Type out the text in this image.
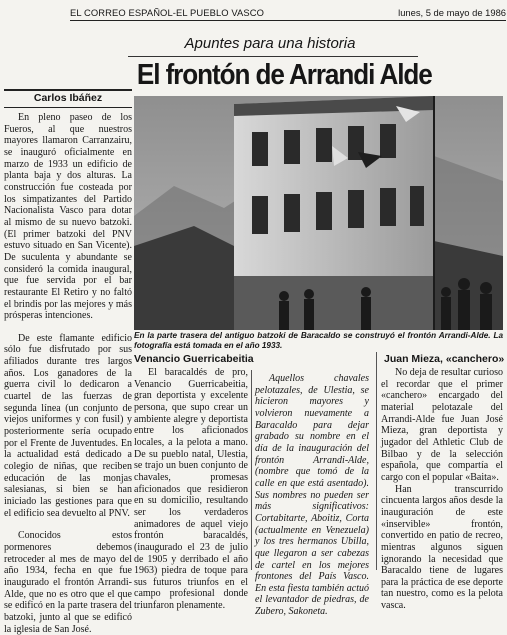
EL CORREO ESPAÑOL-EL PUEBLO VASCO	lunes, 5 de mayo de 1986
Apuntes para una historia
El frontón de Arrandi Alde
Carlos Ibáñez

En pleno paseo de los Fueros, al que nuestros mayores llamaron Carranzairu, se inauguró oficialmente en marzo de 1933 un edificio de planta baja y dos alturas. La construcción fue costeada por los simpatizantes del Partido Nacionalista Vasco para dotar al mismo de su nuevo batzoki. (El primer batzoki del PNV estuvo situado en San Vicente). De suculenta y abundante se consideró la comida inaugural, que fue servida por el bar restaurante El Retiro y no faltó el brindis por las mejores y más prósperas intenciones.

De este flamante edificio sólo fue disfrutado por sus afiliados durante tres largos años. Los ganadores de la guerra civil lo dedicaron a cuartel de las fuerzas de segunda línea (un conjunto de viejos uniformes y con fusil) y posteriormente sería ocupado por el Frente de Juventudes. En la actualidad está dedicado a colegio de niñas, que reciben educación de las monjas salesianas, si bien se han iniciado las gestiones para que el edificio sea devuelto al PNV.

Conocidos estos pormenores debemos retroceder al mes de mayo del año 1934, fecha en que fue inaugurado el frontón Arrandi-Alde, que no es otro que el que se edificó en la parte trasera del batzoki, junto al que se edificó la iglesia de San José.

En la parte trasera del antiguo batzoki de Baracaldo se construyó el frontón Arrandi-Alde. La fotografía está tomada en el año 1933.
Venancio Guerricabeitia

El baracaldés de pro, Venancio Guerricabeitia, gran deportista y excelente persona, que supo crear un ambiente alegre y deportista entre los aficionados locales, a la pelota a mano. De su pueblo natal, Ulestia, se trajo un buen conjunto de chavales, promesas aficionados que residieron en su domicilio, resultando ser los verdaderos animadores de aquel viejo frontón baracaldés, (inaugurado el 23 de julio de 1905 y derribado el año 1963) piedra de toque para sus futuros triunfos en el campo profesional donde triunfaron plenamente.

Aquellos chavales pelotazales, de Ulestia, se hicieron mayores y volvieron nuevamente a Baracaldo para dejar grabado su nombre en el día de la inauguración del frontón Arrandi-Alde, (nombre que tomó de la calle en que está asentado). Sus nombres no pueden ser más significativos: Cortabitarte, Aboitiz, Corta (actualmente en Venezuela) y los tres hermanos Ubilla, que llegaron a ser cabezas de cartel en los mejores frontones del País Vasco. En esta fiesta también actuó el levantador de piedras, de Zubero, Sakoneta.

Juan Mieza, «canchero»

No deja de resultar curioso el recordar que el primer «canchero» encargado del material pelotazale del Arrandi-Alde fue Juan José Mieza, gran deportista y jugador del Athletic Club de Bilbao y de la selección española, que compartía el cargo con el popular «Baita».

Han transcurrido cincuenta largos años desde la inauguración de este «inservible» frontón, convertido en patio de recreo, mientras algunos siguen ignorando la necesidad que Baracaldo tiene de lugares para la práctica de ese deporte tan nuestro, como es la pelota vasca.
